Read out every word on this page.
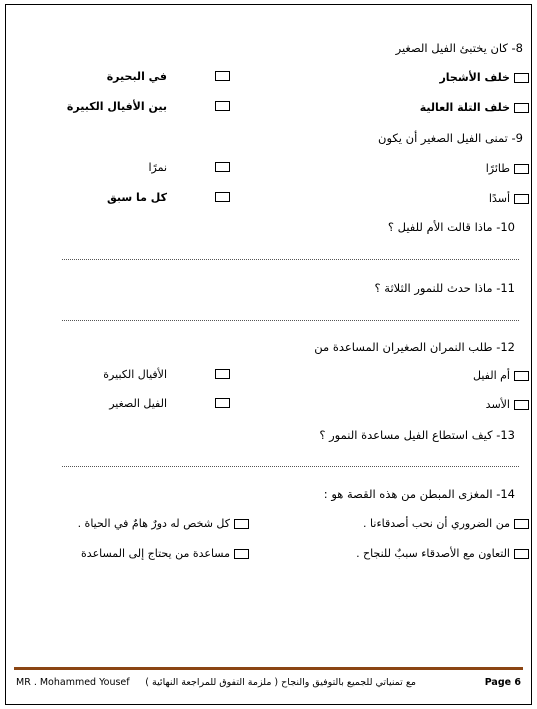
8- كان يختبئ الفيل الصغير
خلف الأشجار
في البحيرة
خلف التلة العالية
بين الأفيال الكبيرة
9- تمنى الفيل الصغير أن يكون
طائرًا
نمرًا
أسدًا
كل ما سبق
10- ماذا قالت الأم للفيل ؟
11- ماذا حدث للنمور الثلاثة ؟
12- طلب النمران الصغيران المساعدة من
أم الفيل
الأفيال الكبيرة
الأسد
الفيل الصغير
13- كيف استطاع الفيل مساعدة النمور ؟
14- المغزى المبطن من هذه القصة هو :
من الضروري أن نحب أصدقاءنا .
كل شخص له دورٌ هامٌ في الحياة .
التعاون مع الأصدقاء سببٌ للنجاح .
مساعدة من يحتاج إلى المساعدة
MR . Mohammed Yousef مع تمنياتي للجميع بالتوفيق والنجاح ( ملزمة التفوق للمراجعة النهائية )	Page 6
